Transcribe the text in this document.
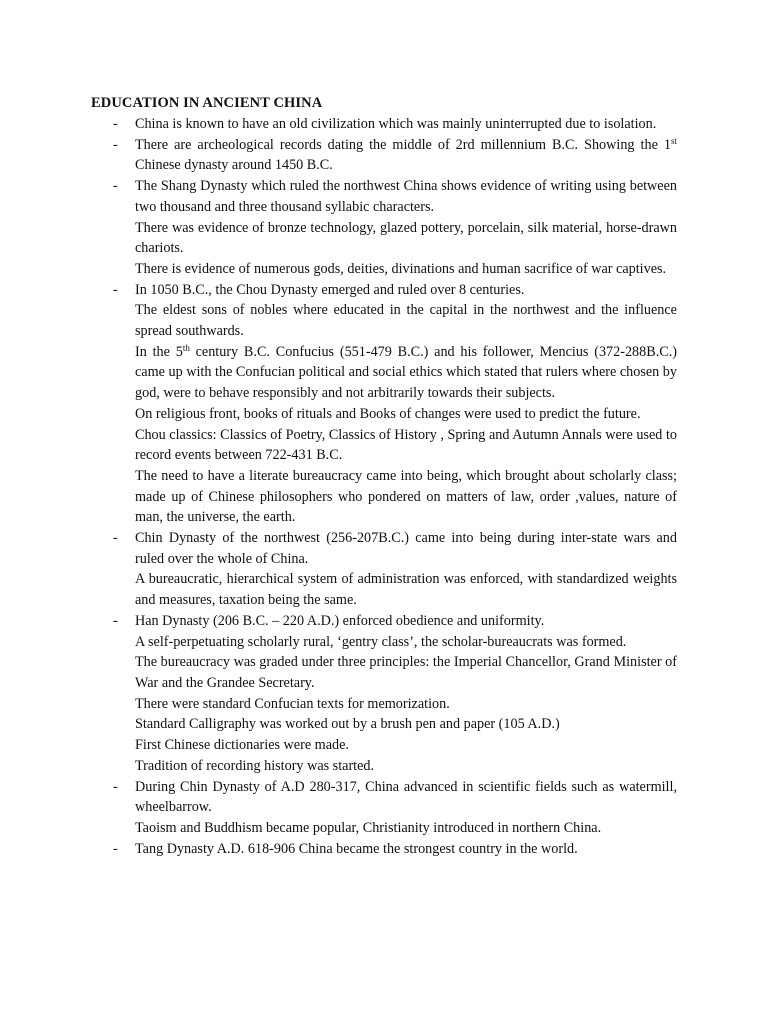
EDUCATION IN ANCIENT CHINA
- China is known to have an old civilization which was mainly uninterrupted due to isolation.
- There are archeological records dating the middle of 2rd millennium B.C. Showing the 1st Chinese dynasty around 1450 B.C.
- The Shang Dynasty which ruled the northwest China shows evidence of writing using between two thousand and three thousand syllabic characters.
There was evidence of bronze technology, glazed pottery, porcelain, silk material, horse-drawn chariots.
There is evidence of numerous gods, deities, divinations and human sacrifice of war captives.
- In 1050 B.C., the Chou Dynasty emerged and ruled over 8 centuries.
The eldest sons of nobles where educated in the capital in the northwest and the influence spread southwards.
In the 5th century B.C. Confucius (551-479 B.C.) and his follower, Mencius (372-288B.C.) came up with the Confucian political and social ethics which stated that rulers where chosen by god, were to behave responsibly and not arbitrarily towards their subjects.
On religious front, books of rituals and Books of changes were used to predict the future.
Chou classics: Classics of Poetry, Classics of History , Spring and Autumn Annals were used to record events between 722-431 B.C.
The need to have a literate bureaucracy came into being, which brought about scholarly class; made up of Chinese philosophers who pondered on matters of law, order ,values, nature of man, the universe, the earth.
- Chin Dynasty of the northwest (256-207B.C.) came into being during inter-state wars and ruled over the whole of China.
A bureaucratic, hierarchical system of administration was enforced, with standardized weights and measures, taxation being the same.
- Han Dynasty (206 B.C. – 220 A.D.) enforced obedience and uniformity.
A self-perpetuating scholarly rural, ‘gentry class’, the scholar-bureaucrats was formed.
The bureaucracy was graded under three principles: the Imperial Chancellor, Grand Minister of War and the Grandee Secretary.
There were standard Confucian texts for memorization.
Standard Calligraphy was worked out by a brush pen and paper (105 A.D.)
First Chinese dictionaries were made.
Tradition of recording history was started.
- During Chin Dynasty of A.D 280-317, China advanced in scientific fields such as watermill, wheelbarrow.
Taoism and Buddhism became popular, Christianity introduced in northern China.
- Tang Dynasty A.D. 618-906 China became the strongest country in the world.
